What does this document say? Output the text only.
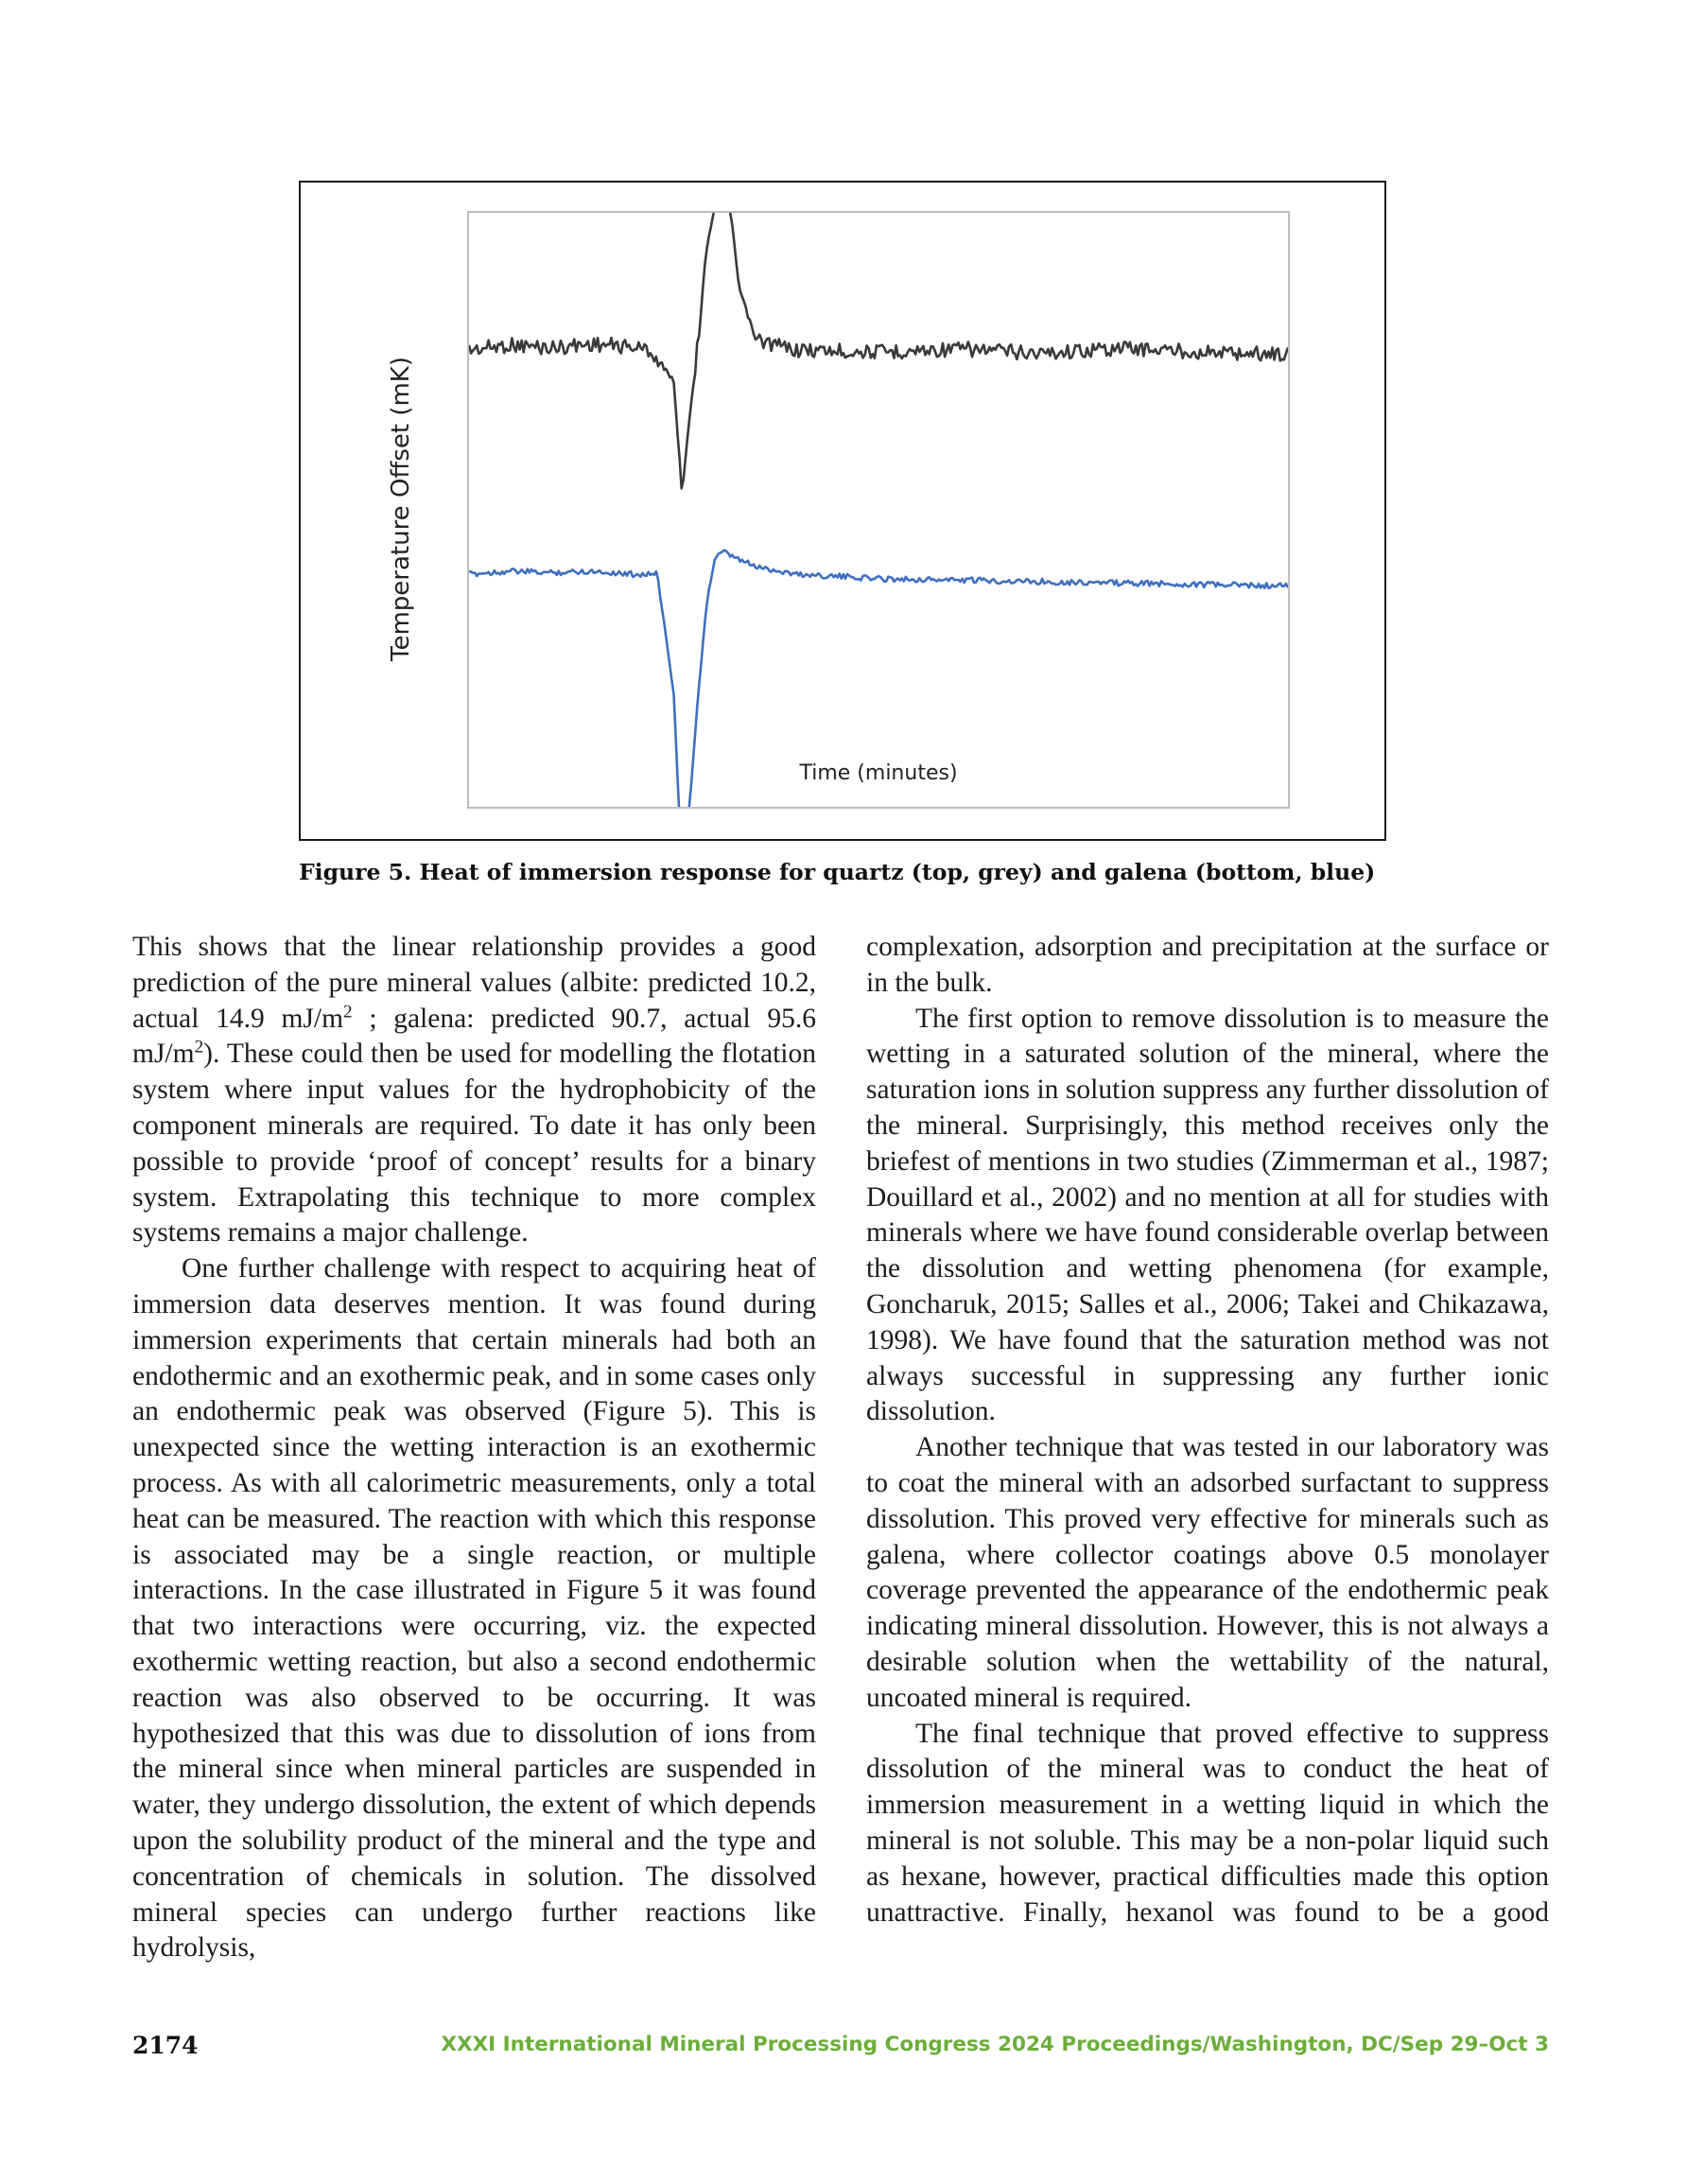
Temperature Offset (mK)
Time (minutes)
Figure 5. Heat of immersion response for quartz (top, grey) and galena (bottom, blue)

This shows that the linear relationship provides a good prediction of the pure mineral values (albite: predicted 10.2, actual 14.9 $mJ/m^2$ ; galena: predicted 90.7, actual 95.6 $mJ/m^2$). These could then be used for modelling the flotation system where input values for the hydrophobicity of the component minerals are required. To date it has only been possible to provide ‘proof of concept’ results for a binary system. Extrapolating this technique to more complex systems remains a major challenge.

One further challenge with respect to acquiring heat of immersion data deserves mention. It was found during immersion experiments that certain minerals had both an endothermic and an exothermic peak, and in some cases only an endothermic peak was observed (Figure 5). This is unexpected since the wetting interaction is an exothermic process. As with all calorimetric measurements, only a total heat can be measured. The reaction with which this response is associated may be a single reaction, or multiple interactions. In the case illustrated in Figure 5 it was found that two interactions were occurring, viz. the expected exothermic wetting reaction, but also a second endothermic reaction was also observed to be occurring. It was hypothesized that this was due to dissolution of ions from the mineral since when mineral particles are suspended in water, they undergo dissolution, the extent of which depends upon the solubility product of the mineral and the type and concentration of chemicals in solution. The dissolved mineral species can undergo further reactions like hydrolysis,

complexation, adsorption and precipitation at the surface or in the bulk.

The first option to remove dissolution is to measure the wetting in a saturated solution of the mineral, where the saturation ions in solution suppress any further dissolution of the mineral. Surprisingly, this method receives only the briefest of mentions in two studies (Zimmerman et al., 1987; Douillard et al., 2002) and no mention at all for studies with minerals where we have found considerable overlap between the dissolution and wetting phenomena (for example, Goncharuk, 2015; Salles et al., 2006; Takei and Chikazawa, 1998). We have found that the saturation method was not always successful in suppressing any further ionic dissolution.

Another technique that was tested in our laboratory was to coat the mineral with an adsorbed surfactant to suppress dissolution. This proved very effective for minerals such as galena, where collector coatings above 0.5 monolayer coverage prevented the appearance of the endothermic peak indicating mineral dissolution. However, this is not always a desirable solution when the wettability of the natural, uncoated mineral is required.

The final technique that proved effective to suppress dissolution of the mineral was to conduct the heat of immersion measurement in a wetting liquid in which the mineral is not soluble. This may be a non-polar liquid such as hexane, however, practical difficulties made this option unattractive. Finally, hexanol was found to be a good

2174	XXXI International Mineral Processing Congress 2024 Proceedings/Washington, DC/Sep 29–Oct 3
